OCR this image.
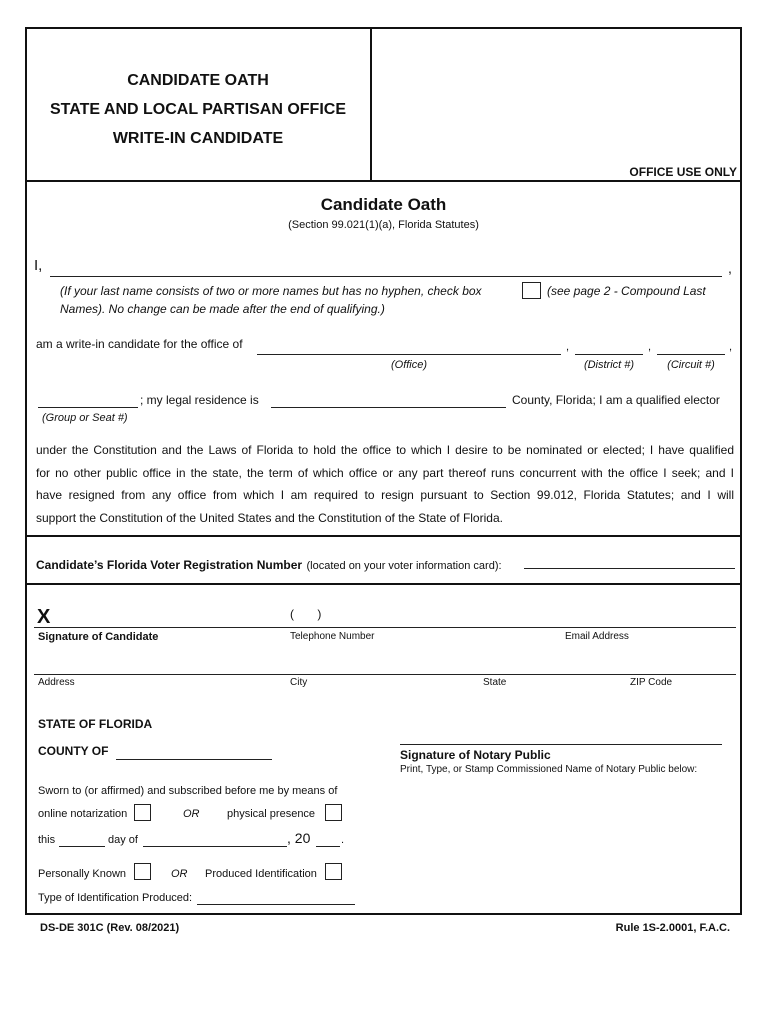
CANDIDATE OATH
STATE AND LOCAL PARTISAN OFFICE
WRITE-IN CANDIDATE
OFFICE USE ONLY
Candidate Oath
(Section 99.021(1)(a), Florida Statutes)
I,	,
(If your last name consists of two or more names but has no hyphen, check box	(see page 2 - Compound Last
Names). No change can be made after the end of qualifying.)
am a write-in candidate for the office of	,	,	,
(Office)	(District #)	(Circuit #)
; my legal residence is	County, Florida; I am a qualified elector
(Group or Seat #)
under the Constitution and the Laws of Florida to hold the office to which I desire to be nominated or elected; I have qualified
for no other public office in the state, the term of which office or any part thereof runs concurrent with the office I seek; and I
have resigned from any office from which I am required to resign pursuant to Section 99.012, Florida Statutes; and I will
support the Constitution of the United States and the Constitution of the State of Florida.
Candidate’s Florida Voter Registration Number (located on your voter information card):
X	(       )
Signature of Candidate	Telephone Number	Email Address
Address	City	State	ZIP Code
STATE OF FLORIDA
COUNTY OF	Signature of Notary Public
Print, Type, or Stamp Commissioned Name of Notary Public below:
Sworn to (or affirmed) and subscribed before me by means of
online notarization	OR	physical presence
this	day of	, 20	.
Personally Known	OR Produced Identification
Type of Identification Produced:
DS-DE 301C (Rev. 08/2021)	Rule 1S-2.0001, F.A.C.
